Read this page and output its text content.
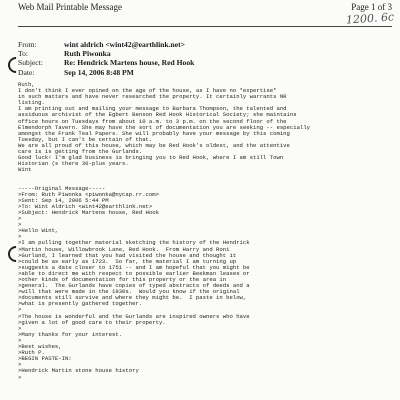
Web Mail Printable Message	Page 1 of 3
1200. 6c
From:	wint aldrich <wint42@earthlink.net>
To:	Ruth Piwonka
Subject:	Re: Hendrick Martens house, Red Hook
Date:	Sep 14, 2006 8:48 PM
Ruth,
I don't think I ever opined on the age of the house, as I have no *expertise*
in such matters and have never researched the property. It certainly warrants NR
listing.
I am printing out and mailing your message to Barbara Thompson, the talented and
assiduous archivist of the Egbert Benson Red Hook Historical Society; she maintains
office hours on Tuesdays from about 10 a.m. to 3 p.m. on the second floor of the
Elmendorph Tavern. She may have the sort of documentation you are seeking -- especially
amongst the Frank Teal Papers. She will probably have your message by this coming
Tuesday, but I can't be certain of that.
We are all proud of this house, which may be Red Hook's oldest, and the attentive
care is is getting from the Gurlands.
Good luck! I'm glad business is bringing you to Red Hook, where I am still Town
Historian (s there 30-plus years.
Wint

-----Original Message-----
>From: Ruth Piwonka <piwonka@nycap.rr.com>
>Sent: Sep 14, 2006 5:44 PM
>To: Wint Aldrich <wint42@earthlink.net>
>Subject: Hendrick Martens house, Red Hook
>
>
>Hello Wint,
>
>I am pulling together material sketching the history of the Hendrick
>Martin house, Willowbrook Lane, Red Hook.  From Harry and Roni
>Gurland, I learned that you had visited the house and thought it
>could be as early as 1723.  So far, the material I am turning up
>suggests a date closer to 1751 -- and I am hopeful that you might be
>able to direct me with respect to possible earlier Beekman leases or
>other kinds of documentation for this property or the area in
>general.  The Gurlands have copies of typed abstracts of deeds and a
>will that were made in the 1930s.  Would you know if the original
>documents still survive and where they might be.  I paste in below,
>what is presently gathered together.
>
>The house is wonderful and the Gurlands are inspired owners who have
>given a lot of good care to their property.
>
>Many thanks for your interest.
>
>Best wishes,
>Ruth P.
>BEGIN PASTE-IN:
>
>Hendrick Martin stone house history
>
